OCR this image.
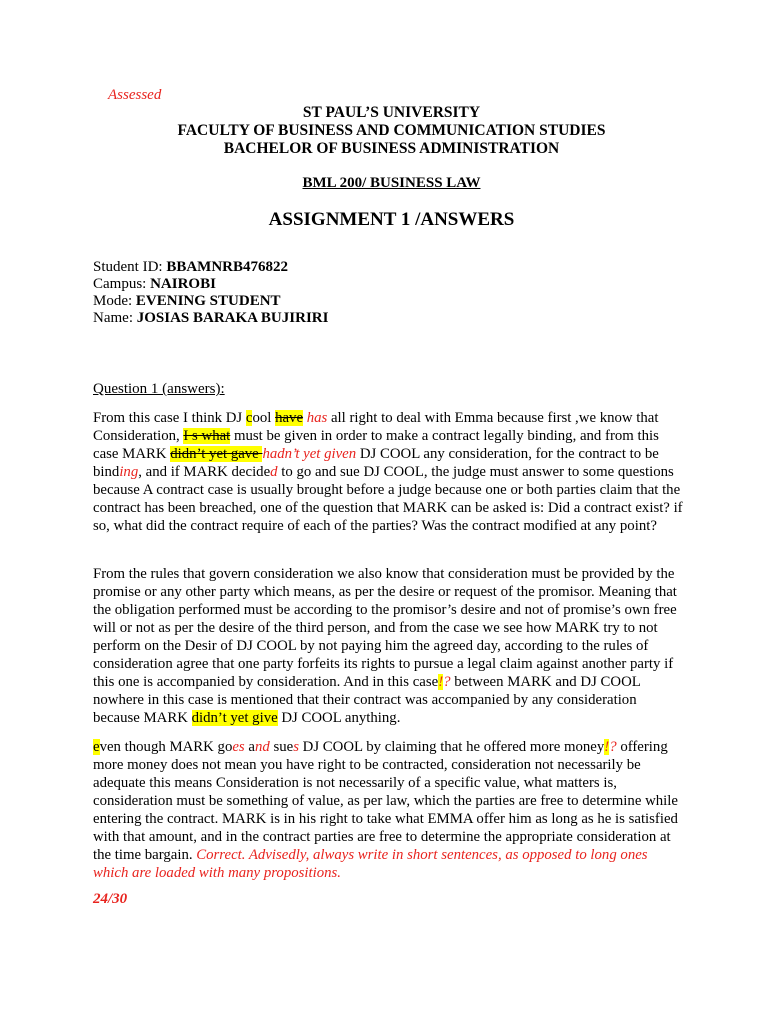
Assessed
ST PAUL’S UNIVERSITY
FACULTY OF BUSINESS AND COMMUNICATION STUDIES
BACHELOR OF BUSINESS ADMINISTRATION
BML 200/ BUSINESS LAW
ASSIGNMENT 1 /ANSWERS
Student ID: BBAMNRB476822
Campus: NAIROBI
Mode: EVENING STUDENT
Name: JOSIAS BARAKA BUJIRIRI
Question 1 (answers):

From this case I think DJ cool have has all right to deal with Emma because first ,we know that Consideration, I s what must be given in order to make a contract legally binding, and from this case MARK didn’t yet gave hadn’t yet given DJ COOL any consideration, for the contract to be binding, and if MARK decided to go and sue DJ COOL, the judge must answer to some questions because A contract case is usually brought before a judge because one or both parties claim that the contract has been breached, one of the question that MARK can be asked is: Did a contract exist? if so, what did the contract require of each of the parties? Was the contract modified at any point?

From the rules that govern consideration we also know that consideration must be provided by the promise or any other party which means, as per the desire or request of the promisor. Meaning that the obligation performed must be according to the promisor’s desire and not of promise’s own free will or not as per the desire of the third person, and from the case we see how MARK try to not perform on the Desir of DJ COOL by not paying him the agreed day, according to the rules of consideration agree that one party forfeits its rights to pursue a legal claim against another party if this one is accompanied by consideration. And in this case!? between MARK and DJ COOL nowhere in this case is mentioned that their contract was accompanied by any consideration because MARK didn’t yet give DJ COOL anything.

even though MARK goes and sues DJ COOL by claiming that he offered more money!? offering more money does not mean you have right to be contracted, consideration not necessarily be adequate this means Consideration is not necessarily of a specific value, what matters is, consideration must be something of value, as per law, which the parties are free to determine while entering the contract. MARK is in his right to take what EMMA offer him as long as he is satisfied with that amount, and in the contract parties are free to determine the appropriate consideration at the time bargain. Correct. Advisedly, always write in short sentences, as opposed to long ones which are loaded with many propositions.

24/30
